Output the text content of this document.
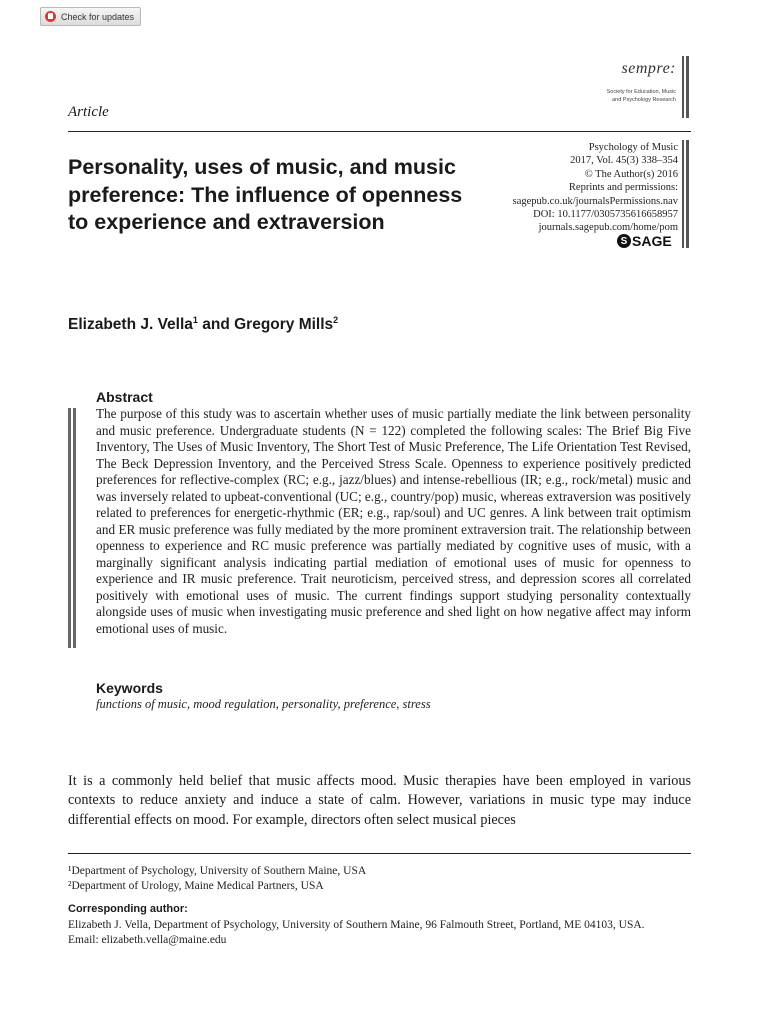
Check for updates
sempre:
Society for Education, Music
and Psychology Research
Article
Personality, uses of music, and music preference: The influence of openness to experience and extraversion
Psychology of Music
2017, Vol. 45(3) 338–354
© The Author(s) 2016
Reprints and permissions:
sagepub.co.uk/journalsPermissions.nav
DOI: 10.1177/0305735616658957
journals.sagepub.com/home/pom
S SAGE
Elizabeth J. Vella$^1$ and Gregory Mills$^2$
Abstract

The purpose of this study was to ascertain whether uses of music partially mediate the link between personality and music preference. Undergraduate students (N = 122) completed the following scales: The Brief Big Five Inventory, The Uses of Music Inventory, The Short Test of Music Preference, The Life Orientation Test Revised, The Beck Depression Inventory, and the Perceived Stress Scale. Openness to experience positively predicted preferences for reflective-complex (RC; e.g., jazz/blues) and intense-rebellious (IR; e.g., rock/metal) music and was inversely related to upbeat-conventional (UC; e.g., country/pop) music, whereas extraversion was positively related to preferences for energetic-rhythmic (ER; e.g., rap/soul) and UC genres. A link between trait optimism and ER music preference was fully mediated by the more prominent extraversion trait. The relationship between openness to experience and RC music preference was partially mediated by cognitive uses of music, with a marginally significant analysis indicating partial mediation of emotional uses of music for openness to experience and IR music preference. Trait neuroticism, perceived stress, and depression scores all correlated positively with emotional uses of music. The current findings support studying personality contextually alongside uses of music when investigating music preference and shed light on how negative affect may inform emotional uses of music.

Keywords
functions of music, mood regulation, personality, preference, stress

It is a commonly held belief that music affects mood. Music therapies have been employed in various contexts to reduce anxiety and induce a state of calm. However, variations in music type may induce differential effects on mood. For example, directors often select musical pieces

¹Department of Psychology, University of Southern Maine, USA
²Department of Urology, Maine Medical Partners, USA
Corresponding author:
Elizabeth J. Vella, Department of Psychology, University of Southern Maine, 96 Falmouth Street, Portland, ME 04103, USA.
Email: elizabeth.vella@maine.edu
